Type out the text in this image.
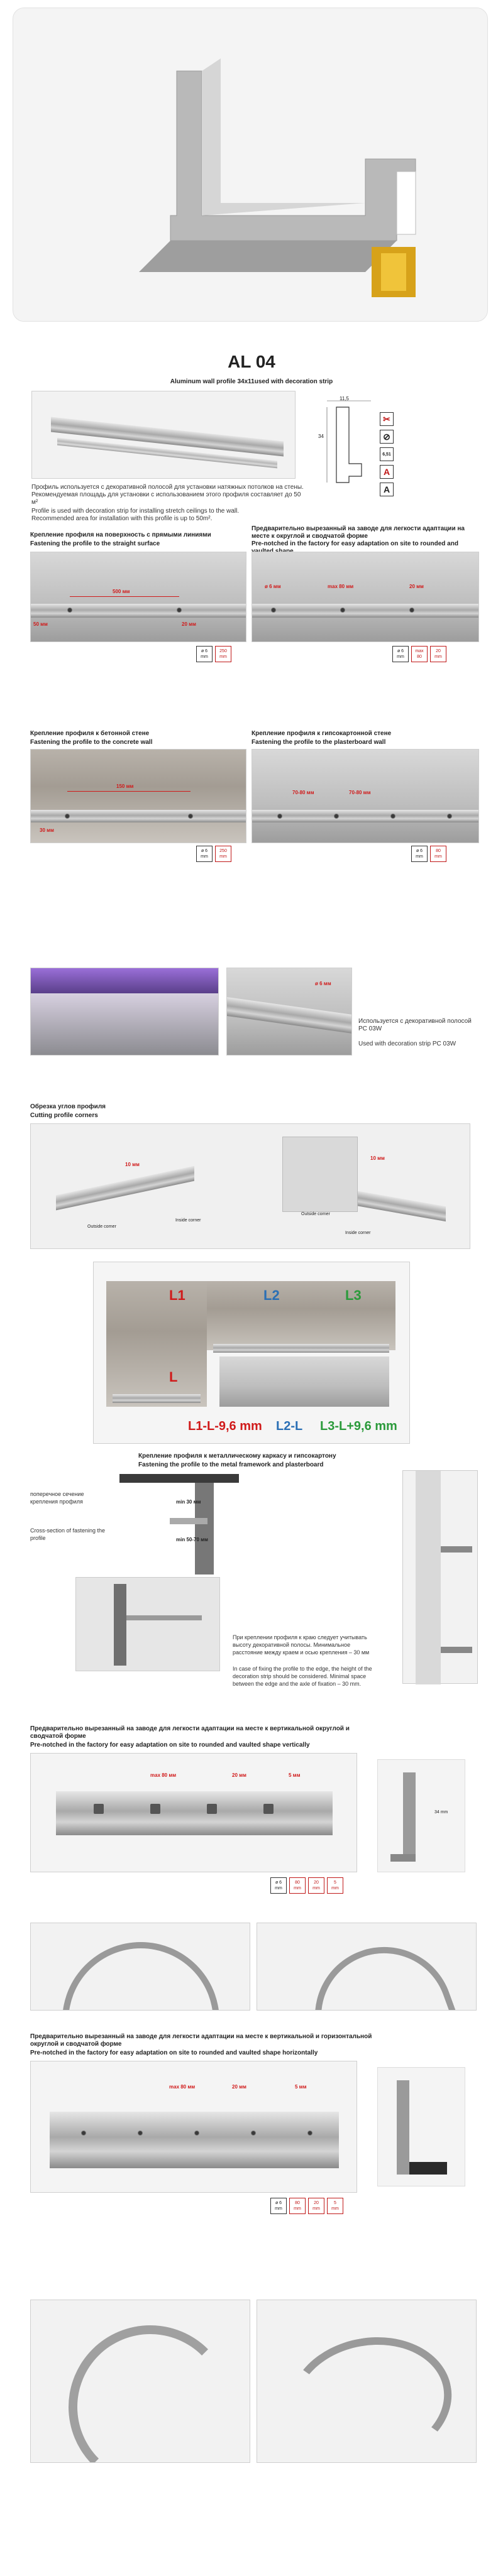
AL 04
Aluminum wall profile 34x11used with decoration strip
11,5
34
✂
⊘
6,51
A
A
Профиль используется с декоративной полосой для установки натяжных потолков на стены. Рекомендуемая площадь для установки с использованием этого профиля составляет до 50 м²
Profile is used with decoration strip for installing stretch ceilings to the wall.
Recommended area for installation with this profile is up to 50m².
Крепление профиля на поверхность с прямыми линиями
Fastening the profile to the straight surface
Предварительно вырезанный на заводе для легкости адаптации на месте к округлой и сводчатой форме
Pre-notched in the factory for easy adaptation on site to rounded and
500 мм
50 мм	20 мм
ø 6 мм	max 80 мм	20 мм
ø 6
mm
250
mm
ø 6
mm
max
80
20
mm
Крепление профиля к бетонной стене
Fastening the profile to the concrete wall
Крепление профиля к гипсокартонной стене
Fastening the profile to the plasterboard wall
150 мм
30 мм
70-80 мм	70-80 мм
ø 6
mm
250
mm
ø 6
mm
80
mm
ø 6 мм
Используется с декоративной полосой PC 03W
Used with decoration strip PC 03W
Обрезка углов профиля
Cutting profile corners
10 мм
10 мм
Outside corner
Inside corner
Outside corner
Inside corner
L1
L
L2	L3
L1-L-9,6 mm L2-L L3-L+9,6 mm
Крепление профиля к металлическому каркасу и гипсокартону
Fastening the profile to the metal framework and plasterboard
min 30 мм
min 50-70 мм
поперечное сечение крепления профиля
Cross-section of fastening the profile
При креплении профиля к краю следует учитывать высоту декоративной полосы. Минимальное расстояние между краем и осью крепления – 30 мм
In case of fixing the profile to the edge, the height of the decoration strip should be considered. Minimal space between the edge and the axle of fixation – 30 mm.
Предварительно вырезанный на заводе для легкости адаптации на месте к вертикальной округлой и сводчатой форме
Pre-notched in the factory for easy adaptation on site to rounded and vaulted shape vertically
max 80 мм	20 мм	5 мм
34 mm
ø 6
mm
80
mm
20
mm
5
mm
Предварительно вырезанный на заводе для легкости адаптации на месте к вертикальной и горизонтальной округлой и сводчатой форме
Pre-notched in the factory for easy adaptation on site to rounded and vaulted shape horizontally
max 80 мм	20 мм	5 мм
ø 6
mm
80
mm
20
mm
5
mm
